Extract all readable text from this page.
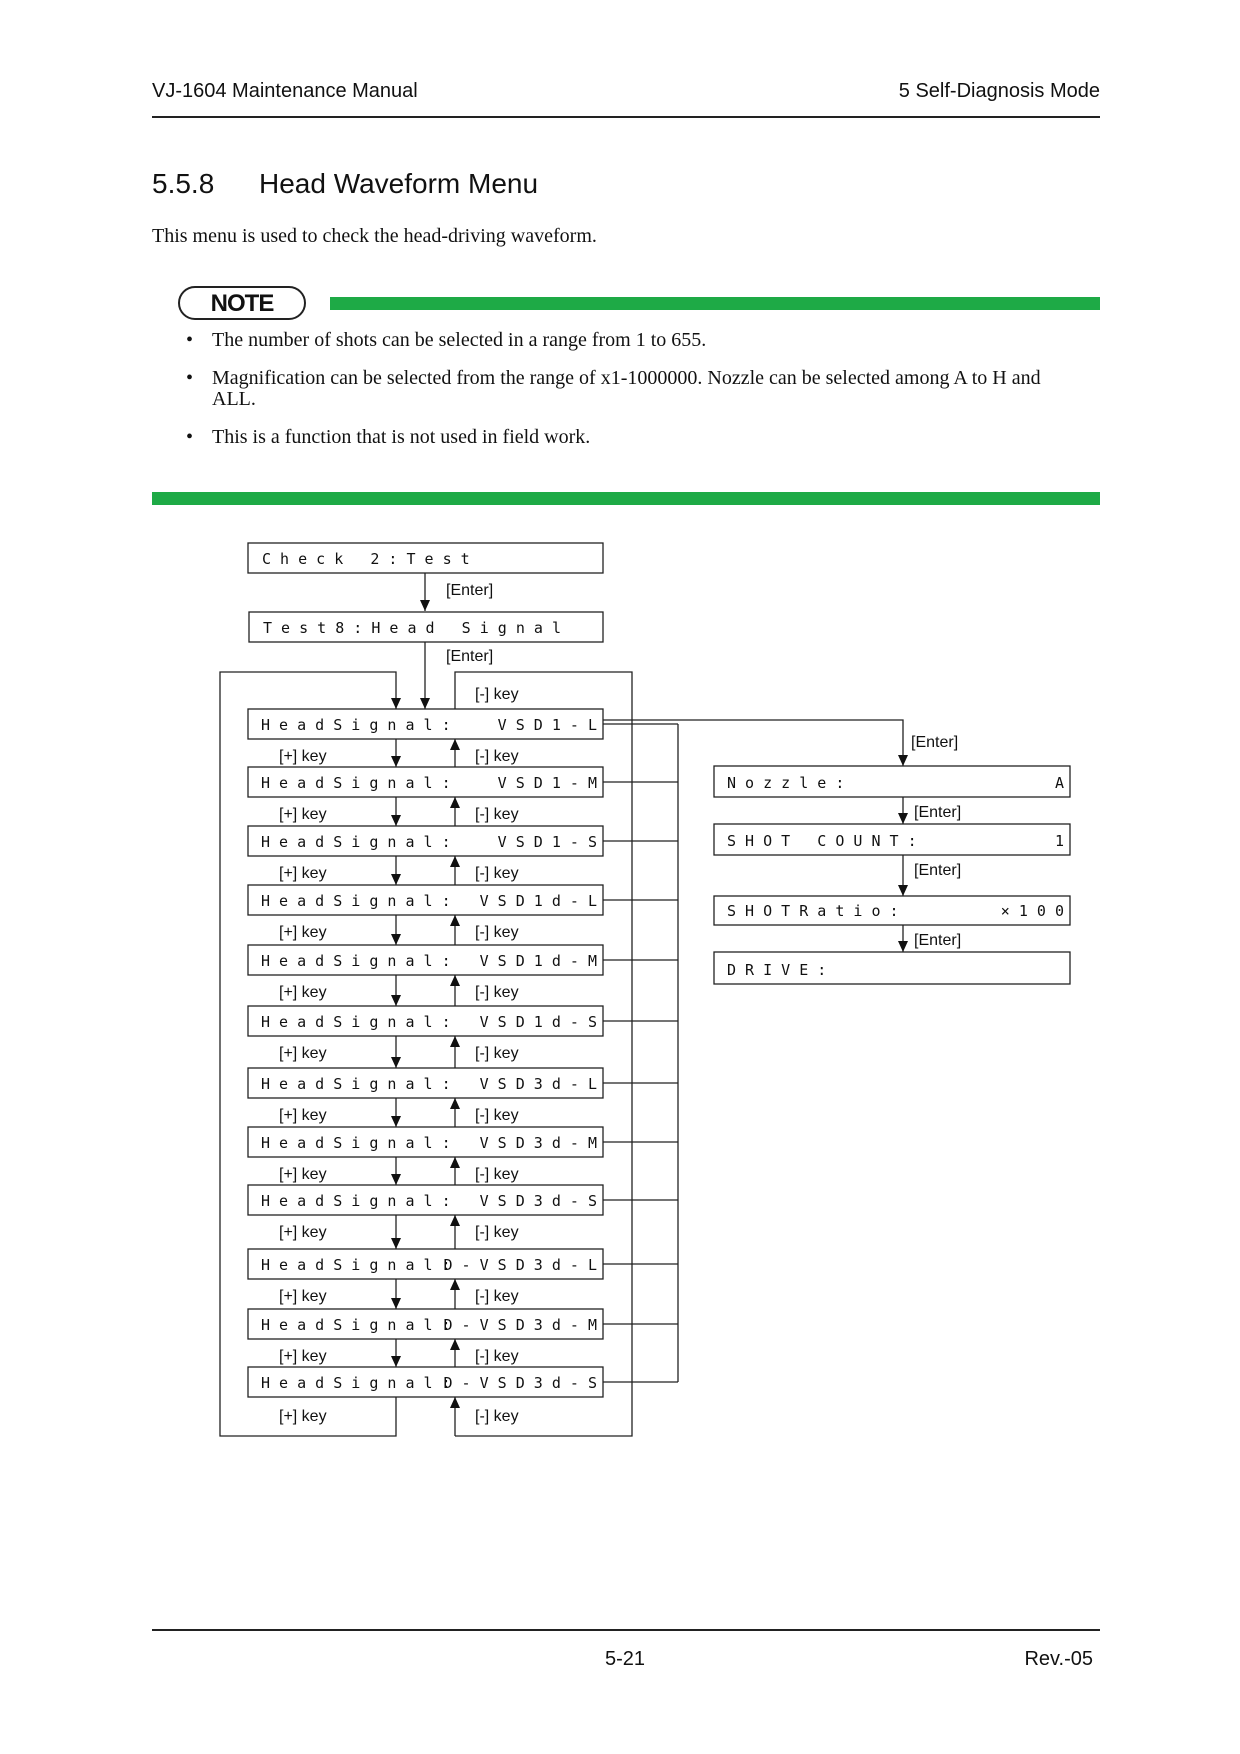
VJ-1604 Maintenance Manual	5 Self-Diagnosis Mode
5.5.8 Head Waveform Menu
This menu is used to check the head-driving waveform.
NOTE
• The number of shots can be selected in a range from 1 to 655.
• Magnification can be selected from the range of x1-1000000. Nozzle can be selected among A to H and ALL.
• This is a function that is not used in field work.
C h e c k   2 : T e s t
[Enter]
T e s t 8 : H e a d   S i g n a l
[Enter]
H e a d S i g n a l :	V S D 1 - L
[+] key	[-] key
H e a d S i g n a l :	V S D 1 - M
[+] key	[-] key
H e a d S i g n a l :	V S D 1 - S
[+] key	[-] key
H e a d S i g n a l : V S D 1 d - L
[+] key	[-] key
H e a d S i g n a l : V S D 1 d - M
[+] key	[-] key
H e a d S i g n a l : V S D 1 d - S
[+] key	[-] key
H e a d S i g n a l : V S D 3 d - L
[+] key	[-] key
H e a d S i g n a l : V S D 3 d - M
[+] key	[-] key
H e a d S i g n a l : V S D 3 d - S
[+] key	[-] key
H e a d S i g n a l :
D - V S D 3 d - L
[+] key	[-] key
H e a d S i g n a l :
D - V S D 3 d - M
[+] key	[-] key
H e a d S i g n a l :
D - V S D 3 d - S
[+] key	[-] key
[-] key
[Enter]
N o z z l e :	A
[Enter]
S H O T   C O U N T :	1
[Enter]
S H O T R a t i o :	× 1 0 0
[Enter]
D R I V E :
5-21	Rev.-05
